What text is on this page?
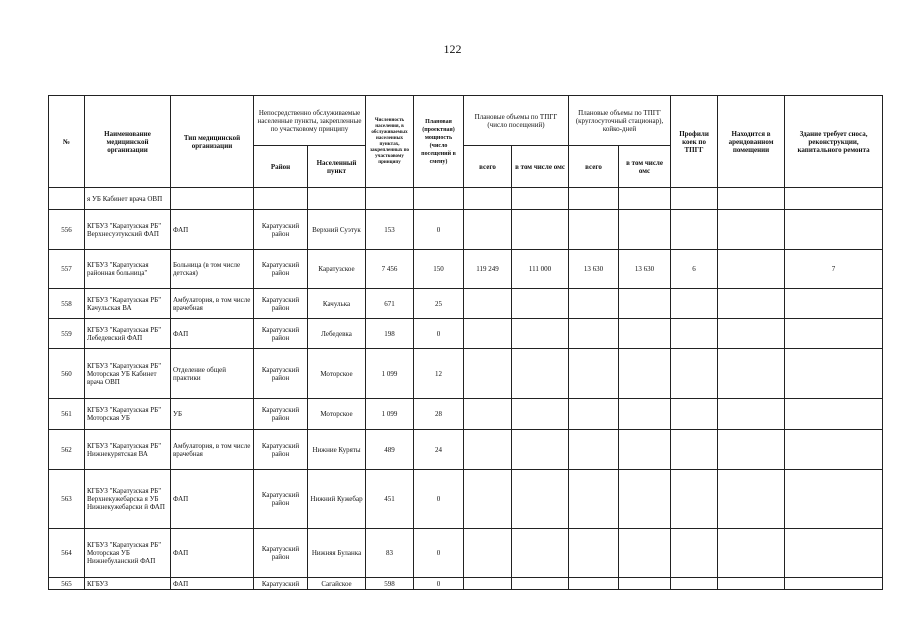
122
№	Наименование медицинской организации	Тип медицинской организации	Непосредственно обслуживаемые населенные пункты, закрепленные по участковому принципу		Численность населения, в обслуживаемых населенных пунктах, закрепленных по участковому принципу	Плановая (проектная) мощность (число посещений в смену)	Плановые объемы по ТПГГ (число посещений)		Плановые объемы по ТПГГ (круглосуточный стационар), койко-дней		Профили коек по ТПГГ	Находится в арендованном помещении	Здание требует сноса, реконструкции, капитального ремонта
			Район	Населенный пункт			всего	в том числе омс	всего	в том числе омс			
	я УБ Кабинет врача ОВП												
556	КГБУЗ "Каратузская РБ" Верхнесуэтукский ФАП	ФАП	Каратузский район	Верхний Суэтук	153	0							
557	КГБУЗ "Каратузская районная больница"	Больница (в том числе детская)	Каратузский район	Каратузское	7 456	150	119 249	111 000	13 630	13 630	6		7
558	КГБУЗ "Каратузская РБ" Качульская ВА	Амбулатория, в том числе врачебная	Каратузский район	Качулька	671	25							
559	КГБУЗ "Каратузская РБ" Лебедевский ФАП	ФАП	Каратузский район	Лебедевка	198	0							
560	КГБУЗ "Каратузская РБ" Моторская УБ Кабинет врача ОВП	Отделение общей практики	Каратузский район	Моторское	1 099	12							
561	КГБУЗ "Каратузская РБ" Моторская УБ	УБ	Каратузский район	Моторское	1 099	28							
562	КГБУЗ "Каратузская РБ" Нижнекурятская ВА	Амбулатория, в том числе врачебная	Каратузский район	Нижние Куряты	489	24							
563	КГБУЗ "Каратузская РБ" Верхнекужебарска я УБ Нижнекужебарски й ФАП	ФАП	Каратузский район	Нижний Кужебар	451	0							
564	КГБУЗ "Каратузская РБ" Моторская УБ Нижнебуланский ФАП	ФАП	Каратузский район	Нижняя Буланка	83	0							
565	КГБУЗ	ФАП	Каратузский	Сагайское	598	0							
